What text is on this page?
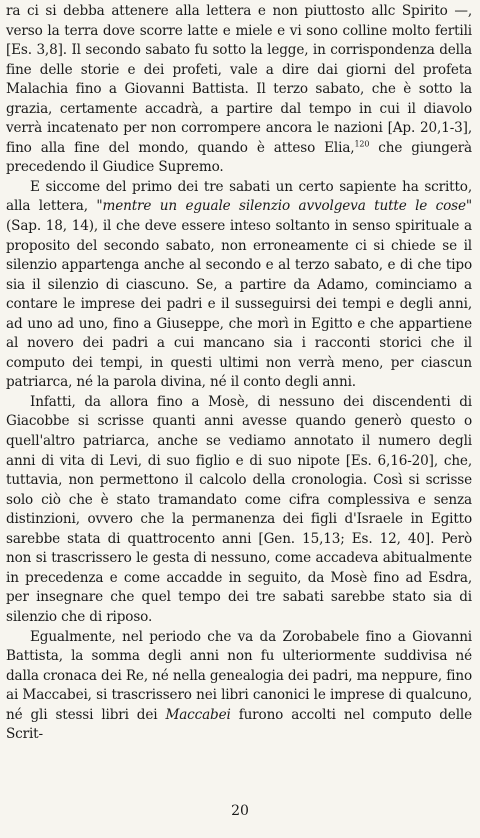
ra ci si debba attenere alla lettera e non piuttosto allc Spirito —, verso la terra dove scorre latte e miele e vi sono colline molto fertili [Es. 3,8]. Il secondo sabato fu sotto la legge, in corrispondenza della fine delle storie e dei profeti, vale a dire dai giorni del profeta Malachia fino a Giovanni Battista. Il terzo sabato, che è sotto la grazia, certamente accadrà, a partire dal tempo in cui il diavolo verrà incatenato per non corrompere ancora le nazioni [Ap. 20,1-3], fino alla fine del mondo, quando è atteso Elia,$^{120}$ che giungerà precedendo il Giudice Supremo.

E siccome del primo dei tre sabati un certo sapiente ha scritto, alla lettera, "mentre un eguale silenzio avvolgeva tutte le cose" (Sap. 18, 14), il che deve essere inteso soltanto in senso spirituale a proposito del secondo sabato, non erroneamente ci si chiede se il silenzio appartenga anche al secondo e al terzo sabato, e di che tipo sia il silenzio di ciascuno. Se, a partire da Adamo, cominciamo a contare le imprese dei padri e il susseguirsi dei tempi e degli anni, ad uno ad uno, fino a Giuseppe, che morì in Egitto e che appartiene al novero dei padri a cui mancano sia i racconti storici che il computo dei tempi, in questi ultimi non verrà meno, per ciascun patriarca, né la parola divina, né il conto degli anni.

Infatti, da allora fino a Mosè, di nessuno dei discendenti di Giacobbe si scrisse quanti anni avesse quando generò questo o quell'altro patriarca, anche se vediamo annotato il numero degli anni di vita di Levi, di suo figlio e di suo nipote [Es. 6,16-20], che, tuttavia, non permettono il calcolo della cronologia. Così si scrisse solo ciò che è stato tramandato come cifra complessiva e senza distinzioni, ovvero che la permanenza dei figli d'Israele in Egitto sarebbe stata di quattrocento anni [Gen. 15,13; Es. 12, 40]. Però non si trascrissero le gesta di nessuno, come accadeva abitualmente in precedenza e come accadde in seguito, da Mosè fino ad Esdra, per insegnare che quel tempo dei tre sabati sarebbe stato sia di silenzio che di riposo.

Egualmente, nel periodo che va da Zorobabele fino a Giovanni Battista, la somma degli anni non fu ulteriormente suddivisa né dalla cronaca dei Re, né nella genealogia dei padri, ma neppure, fino ai Maccabei, si trascrissero nei libri canonici le imprese di qualcuno, né gli stessi libri dei Maccabei furono accolti nel computo delle Scrit-

20
